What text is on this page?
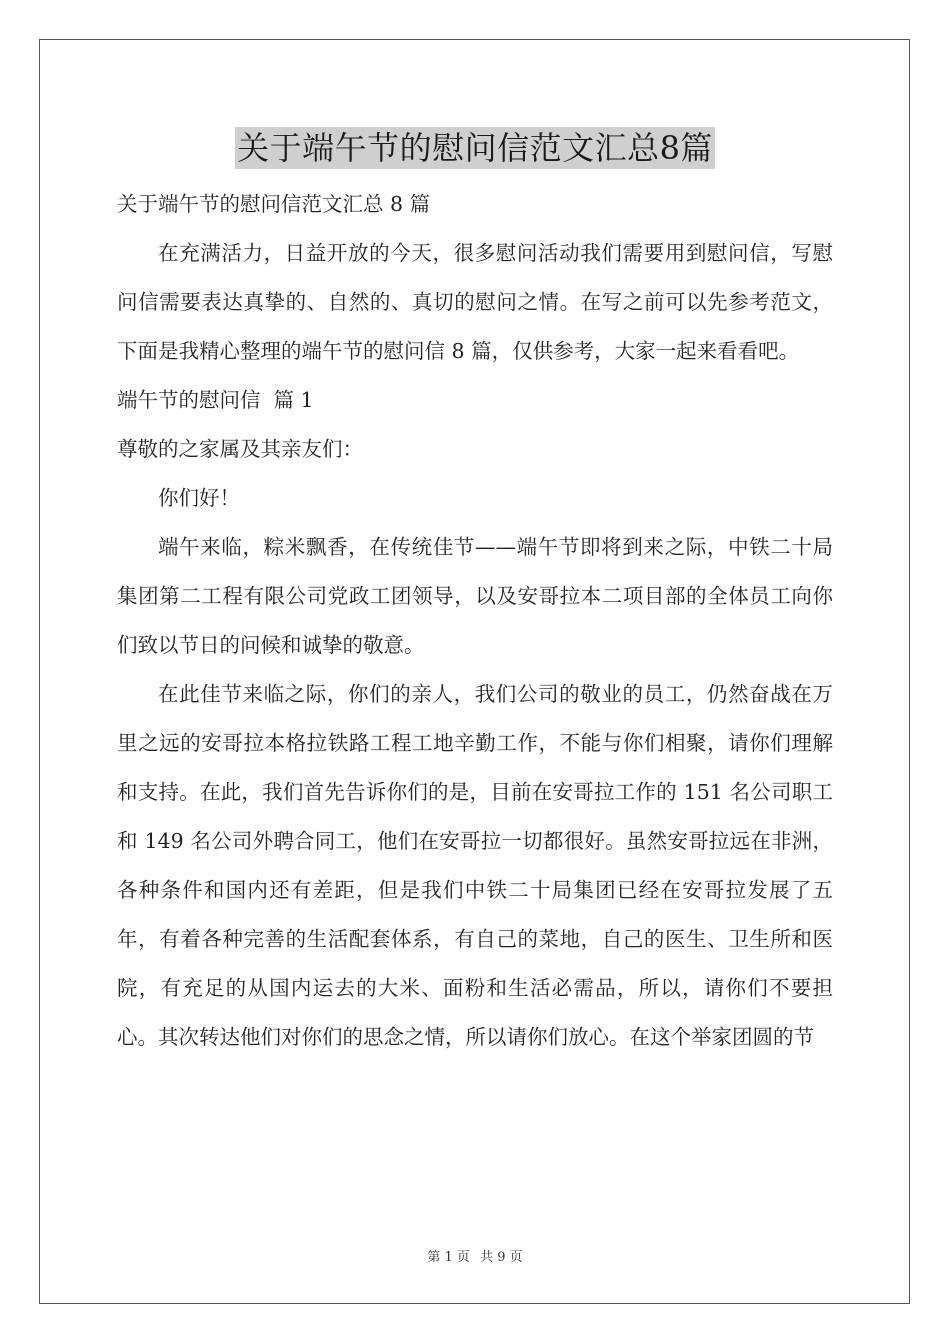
关于端午节的慰问信范文汇总8篇

关于端午节的慰问信范文汇总 8 篇

在充满活力，日益开放的今天，很多慰问活动我们需要用到慰问信，写慰问信需要表达真挚的、自然的、真切的慰问之情。在写之前可以先参考范文，下面是我精心整理的端午节的慰问信 8 篇，仅供参考，大家一起来看看吧。

端午节的慰问信  篇 1

尊敬的之家属及其亲友们：

你们好！

端午来临，粽米飘香，在传统佳节——端午节即将到来之际，中铁二十局集团第二工程有限公司党政工团领导，以及安哥拉本二项目部的全体员工向你们致以节日的问候和诚挚的敬意。

在此佳节来临之际，你们的亲人，我们公司的敬业的员工，仍然奋战在万里之远的安哥拉本格拉铁路工程工地辛勤工作，不能与你们相聚，请你们理解和支持。在此，我们首先告诉你们的是，目前在安哥拉工作的 151 名公司职工和 149 名公司外聘合同工，他们在安哥拉一切都很好。虽然安哥拉远在非洲，各种条件和国内还有差距，但是我们中铁二十局集团已经在安哥拉发展了五年，有着各种完善的生活配套体系，有自己的菜地，自己的医生、卫生所和医院，有充足的从国内运去的大米、面粉和生活必需品，所以，请你们不要担心。其次转达他们对你们的思念之情，所以请你们放心。在这个举家团圆的节

第 1 页 共 9 页
